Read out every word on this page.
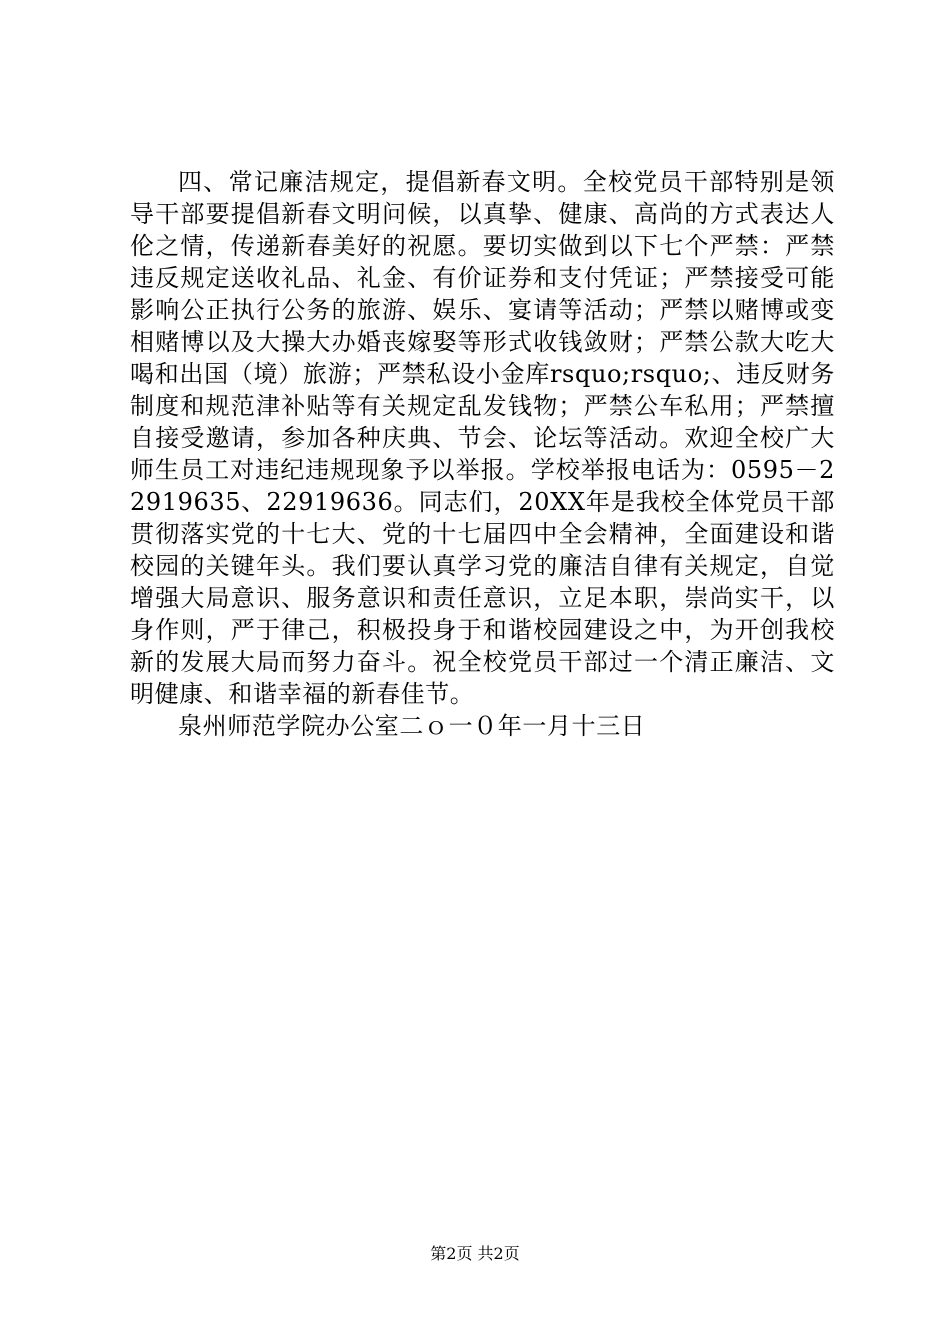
四、常记廉洁规定，提倡新春文明。全校党员干部特别是领导干部要提倡新春文明问候，以真挚、健康、高尚的方式表达人伦之情，传递新春美好的祝愿。要切实做到以下七个严禁：严禁违反规定送收礼品、礼金、有价证券和支付凭证；严禁接受可能影响公正执行公务的旅游、娱乐、宴请等活动；严禁以赌博或变相赌博以及大操大办婚丧嫁娶等形式收钱敛财；严禁公款大吃大喝和出国（境）旅游；严禁私设小金库rsquo;rsquo;、违反财务制度和规范津补贴等有关规定乱发钱物；严禁公车私用；严禁擅自接受邀请，参加各种庆典、节会、论坛等活动。欢迎全校广大师生员工对违纪违规现象予以举报。学校举报电话为：0595－22919635、22919636。同志们，20XX年是我校全体党员干部贯彻落实党的十七大、党的十七届四中全会精神，全面建设和谐校园的关键年头。我们要认真学习党的廉洁自律有关规定，自觉增强大局意识、服务意识和责任意识，立足本职，崇尚实干，以身作则，严于律己，积极投身于和谐校园建设之中，为开创我校新的发展大局而努力奋斗。祝全校党员干部过一个清正廉洁、文明健康、和谐幸福的新春佳节。

泉州师范学院办公室二ｏ一０年一月十三日

第2页 共2页
